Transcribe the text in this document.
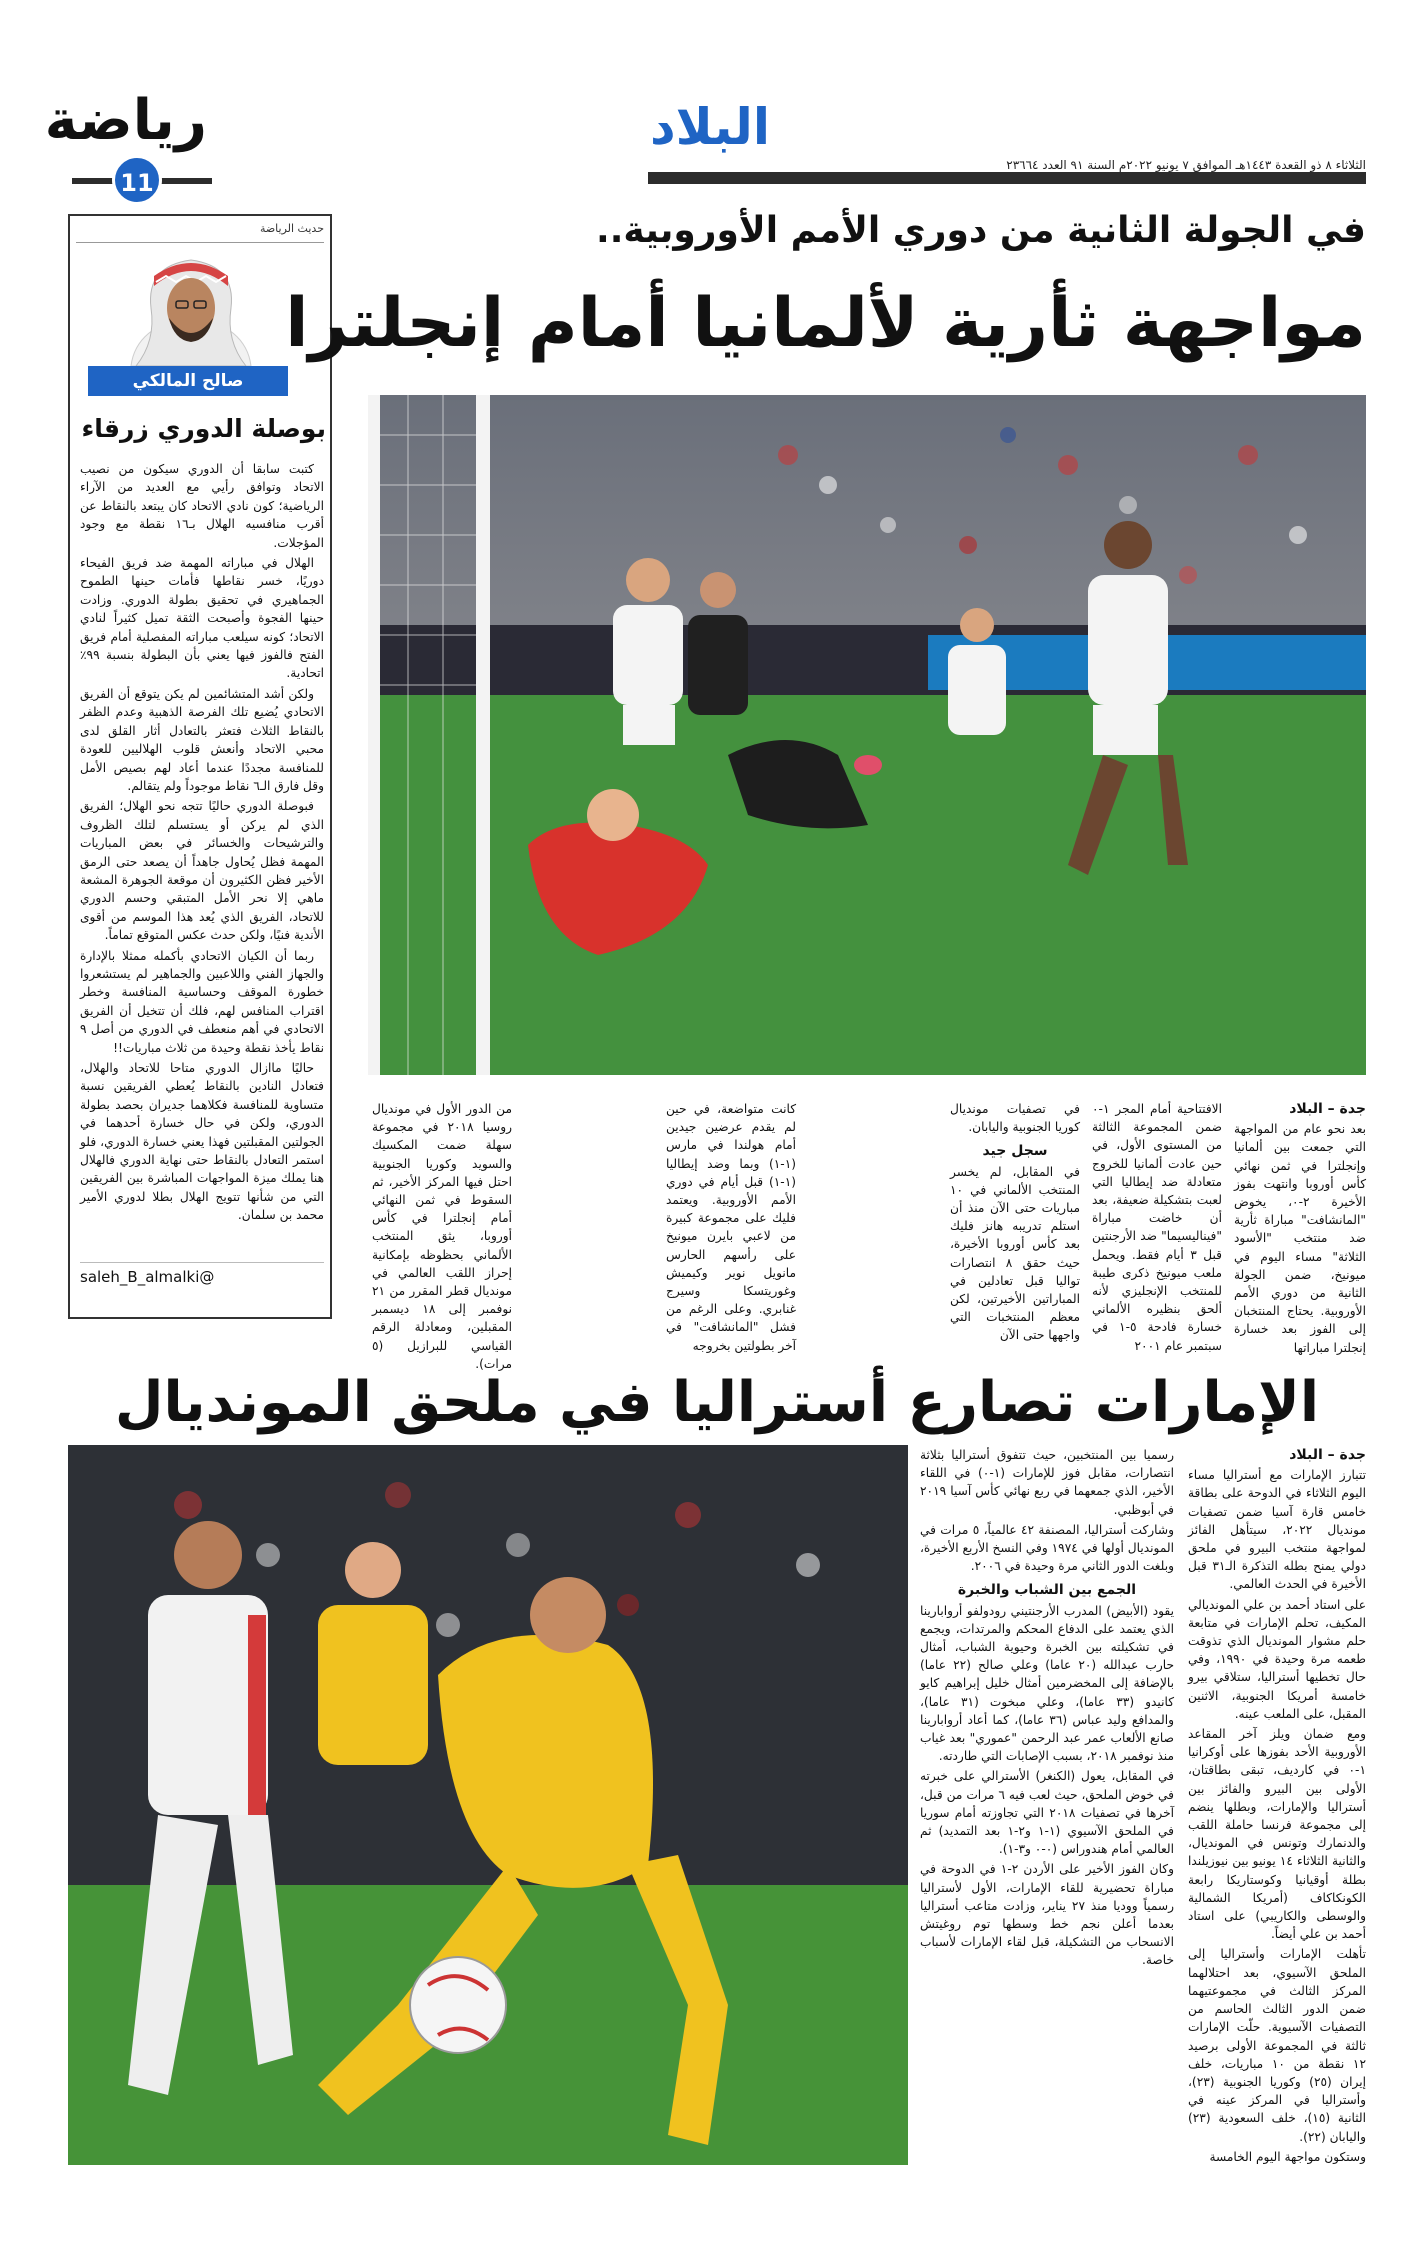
رياضة
11
البلاد
الثلاثاء ٨ ذو القعدة ١٤٤٣هـ الموافق ٧ يونيو ٢٠٢٢م السنة ٩١ العدد ٢٣٦٦٤
حديث الرياضة
صالح المالكي
بوصلة الدوري زرقاء

كتبت سابقا أن الدوري سيكون من نصيب الاتحاد وتوافق رأيي مع العديد من الآراء الرياضية؛ كون نادي الاتحاد كان يبتعد بالنقاط عن أقرب منافسيه الهلال بـ١٦ نقطة مع وجود المؤجلات.

الهلال في مباراته المهمة ضد فريق الفيحاء دوريًا، خسر نقاطها فأمات حينها الطموح الجماهيري في تحقيق بطولة الدوري. وزادت حينها الفجوة وأصبحت الثقة تميل كثيراً لنادي الاتحاد؛ كونه سيلعب مباراته المفصلية أمام فريق الفتح فالفوز فيها يعني بأن البطولة بنسبة ٩٩٪ اتحادية.

ولكن أشد المتشائمين لم يكن يتوقع أن الفريق الاتحادي يُضيع تلك الفرصة الذهبية وعدم الظفر بالنقاط الثلاث فتعثر بالتعادل أثار القلق لدى محبي الاتحاد وأنعش قلوب الهلاليين للعودة للمنافسة مجددًا عندما أعاد لهم بصيص الأمل وقل فارق الـ٦ نقاط موجوداً ولم يتقالم.

فبوصلة الدوري حاليًا تتجه نحو الهلال؛ الفريق الذي لم يركن أو يستسلم لتلك الظروف والترشيحات والخسائر في بعض المباريات المهمة فظل يُحاول جاهداً أن يصعد حتى الرمق الأخير فظن الكثيرون أن موقعة الجوهرة المشعة ماهي إلا نحر الأمل المتبقي وحسم الدوري للاتحاد، الفريق الذي يُعد هذا الموسم من أقوى الأندية فنيًا، ولكن حدث عكس المتوقع تماماً.

ربما أن الكيان الاتحادي بأكمله ممثلا بالإدارة والجهاز الفني واللاعبين والجماهير لم يستشعروا خطورة الموقف وحساسية المنافسة وخطر اقتراب المنافس لهم، فلك أن تتخيل أن الفريق الاتحادي في أهم منعطف في الدوري من أصل ٩ نقاط يأخذ نقطة وحيدة من ثلاث مباريات!!

حاليًا ماازال الدوري متاحا للاتحاد والهلال، فتعادل النادين بالنقاط يُعطي الفريقين نسبة متساوية للمنافسة فكلاهما جديران بحصد بطولة الدوري، ولكن في حال خسارة أحدهما في الجولتين المقبلتين فهذا يعني خسارة الدوري، فلو استمر التعادل بالنقاط حتى نهاية الدوري فالهلال هنا يملك ميزة المواجهات المباشرة بين الفريقين التي من شأنها تتويج الهلال بطلا لدوري الأمير محمد بن سلمان.

saleh_B_almalki@
في الجولة الثانية من دوري الأمم الأوروبية..
مواجهة ثأرية لألمانيا أمام إنجلترا

جدة – البلاد

بعد نحو عام من المواجهة التي جمعت بين ألمانيا وإنجلترا في ثمن نهائي كأس أوروبا وانتهت بفوز الأخيرة ٢-٠، يخوض "المانشافت" مباراة ثأرية ضد منتخب "الأسود الثلاثة" مساء اليوم في ميونيخ، ضمن الجولة الثانية من دوري الأمم الأوروبية. يحتاج المنتخبان إلى الفوز بعد خسارة إنجلترا مباراتها

الافتتاحية أمام المجر ١-٠ ضمن المجموعة الثالثة من المستوى الأول، في حين عادت ألمانيا للخروج متعادلة ضد إيطاليا التي لعبت بتشكيلة ضعيفة، بعد أن خاضت مباراة "فيناليسيما" ضد الأرجنتين قبل ٣ أيام فقط. ويحمل ملعب ميونيخ ذكرى طيبة للمنتخب الإنجليزي لأنه ألحق بنظيره الألماني خسارة فادحة ٥-١ في سبتمبر عام ٢٠٠١

في تصفيات مونديال كوريا الجنوبية واليابان.

سجل جيد

في المقابل، لم يخسر المنتخب الألماني في ١٠ مباريات حتى الآن منذ أن استلم تدريبه هانز فليك بعد كأس أوروبا الأخيرة، حيث حقق ٨ انتصارات تواليا قبل تعادلين في المباراتين الأخيرتين، لكن معظم المنتخبات التي واجهها حتى الآن

كانت متواضعة، في حين لم يقدم عرضين جيدين أمام هولندا في مارس (١-١) وبما وضد إيطاليا (١-١) قبل أيام في دوري الأمم الأوروبية. ويعتمد فليك على مجموعة كبيرة من لاعبي بايرن ميونيخ على رأسهم الحارس مانويل نوير وكيميش وغوريتسكا وسيرج غنابري. وعلى الرغم من فشل "المانشافت" في آخر بطولتين بخروجه

من الدور الأول في مونديال روسيا ٢٠١٨ في مجموعة سهلة ضمت المكسيك والسويد وكوريا الجنوبية احتل فيها المركز الأخير، ثم السقوط في ثمن النهائي أمام إنجلترا في كأس أوروبا، يثق المنتخب الألماني بحظوظه بإمكانية إحراز اللقب العالمي في مونديال قطر المقرر من ٢١ نوفمبر إلى ١٨ ديسمبر المقبلين، ومعادلة الرقم القياسي للبرازيل (٥ مرات).

الإمارات تصارع أستراليا في ملحق المونديال

جدة – البلاد

تتبارز الإمارات مع أستراليا مساء اليوم الثلاثاء في الدوحة على بطاقة خامس قارة آسيا ضمن تصفيات مونديال ٢٠٢٢، سيتأهل الفائز لمواجهة منتخب البيرو في ملحق دولي يمنح بطله التذكرة الـ٣١ قبل الأخيرة في الحدث العالمي.

على استاد أحمد بن علي المونديالي المكيف، تحلم الإمارات في متابعة حلم مشوار المونديال الذي تذوقت طعمه مرة وحيدة في ١٩٩٠، وفي حال تخطيها أستراليا، ستلاقي بيرو خامسة أمريكا الجنوبية، الاثنين المقبل، على الملعب عينه.

ومع ضمان ويلز آخر المقاعد الأوروبية الأحد بفوزها على أوكرانيا ١-٠ في كارديف، تبقى بطاقتان، الأولى بين البيرو والفائز بين أستراليا والإمارات، وبطلها ينضم إلى مجموعة فرنسا حاملة اللقب والدنمارك وتونس في المونديال، والثانية الثلاثاء ١٤ يونيو بين نيوزيلندا بطلة أوقيانيا وكوستاريكا رابعة الكونكاكاف (أمريكا الشمالية والوسطى والكاريبي) على استاد أحمد بن علي أيضاً.

تأهلت الإمارات وأستراليا إلى الملحق الآسيوي، بعد احتلالهما المركز الثالث في مجموعتيهما ضمن الدور الثالث الحاسم من التصفيات الآسيوية. حلّت الإمارات ثالثة في المجموعة الأولى برصيد ١٢ نقطة من ١٠ مباريات، خلف إيران (٢٥) وكوريا الجنوبية (٢٣)، وأستراليا في المركز عينه في الثانية (١٥)، خلف السعودية (٢٣) واليابان (٢٢).

وستكون مواجهة اليوم الخامسة

رسميا بين المنتخبين، حيث تتفوق أستراليا بثلاثة انتصارات، مقابل فوز للإمارات (١-٠) في اللقاء الأخير، الذي جمعهما في ربع نهائي كأس آسيا ٢٠١٩ في أبوظبي.

وشاركت أستراليا، المصنفة ٤٢ عالمياً، ٥ مرات في المونديال أولها في ١٩٧٤ وفي النسخ الأربع الأخيرة، وبلغت الدور الثاني مرة وحيدة في ٢٠٠٦.

الجمع بين الشباب والخبرة

يقود (الأبيض) المدرب الأرجنتيني رودولفو أروابارينا الذي يعتمد على الدفاع المحكم والمرتدات، ويجمع في تشكيلته بين الخبرة وحيوية الشباب، أمثال حارب عبدالله (٢٠ عاما) وعلي صالح (٢٢ عاما) بالإضافة إلى المخضرمين أمثال خليل إبراهيم كايو كانيدو (٣٣ عاما)، وعلي مبخوت (٣١ عاما)، والمدافع وليد عباس (٣٦ عاما)، كما أعاد أروابارينا صانع الألعاب عمر عبد الرحمن "عموري" بعد غياب منذ نوفمبر ٢٠١٨، بسبب الإصابات التي طاردته.

في المقابل، يعول (الكنغر) الأسترالي على خبرته في خوض الملحق، حيث لعب فيه ٦ مرات من قبل، آخرها في تصفيات ٢٠١٨ التي تجاوزته أمام سوريا في الملحق الآسيوي (١-١ و٢-١ بعد التمديد) ثم العالمي أمام هندوراس (٠-٠ و٣-١).

وكان الفوز الأخير على الأردن ٢-١ في الدوحة في مباراة تحضيرية للقاء الإمارات، الأول لأستراليا رسمياً ووديا منذ ٢٧ يناير، وزادت متاعب أستراليا بعدما أعلن نجم خط وسطها توم روغيتش الانسحاب من التشكيلة، قبل لقاء الإمارات لأسباب خاصة.
